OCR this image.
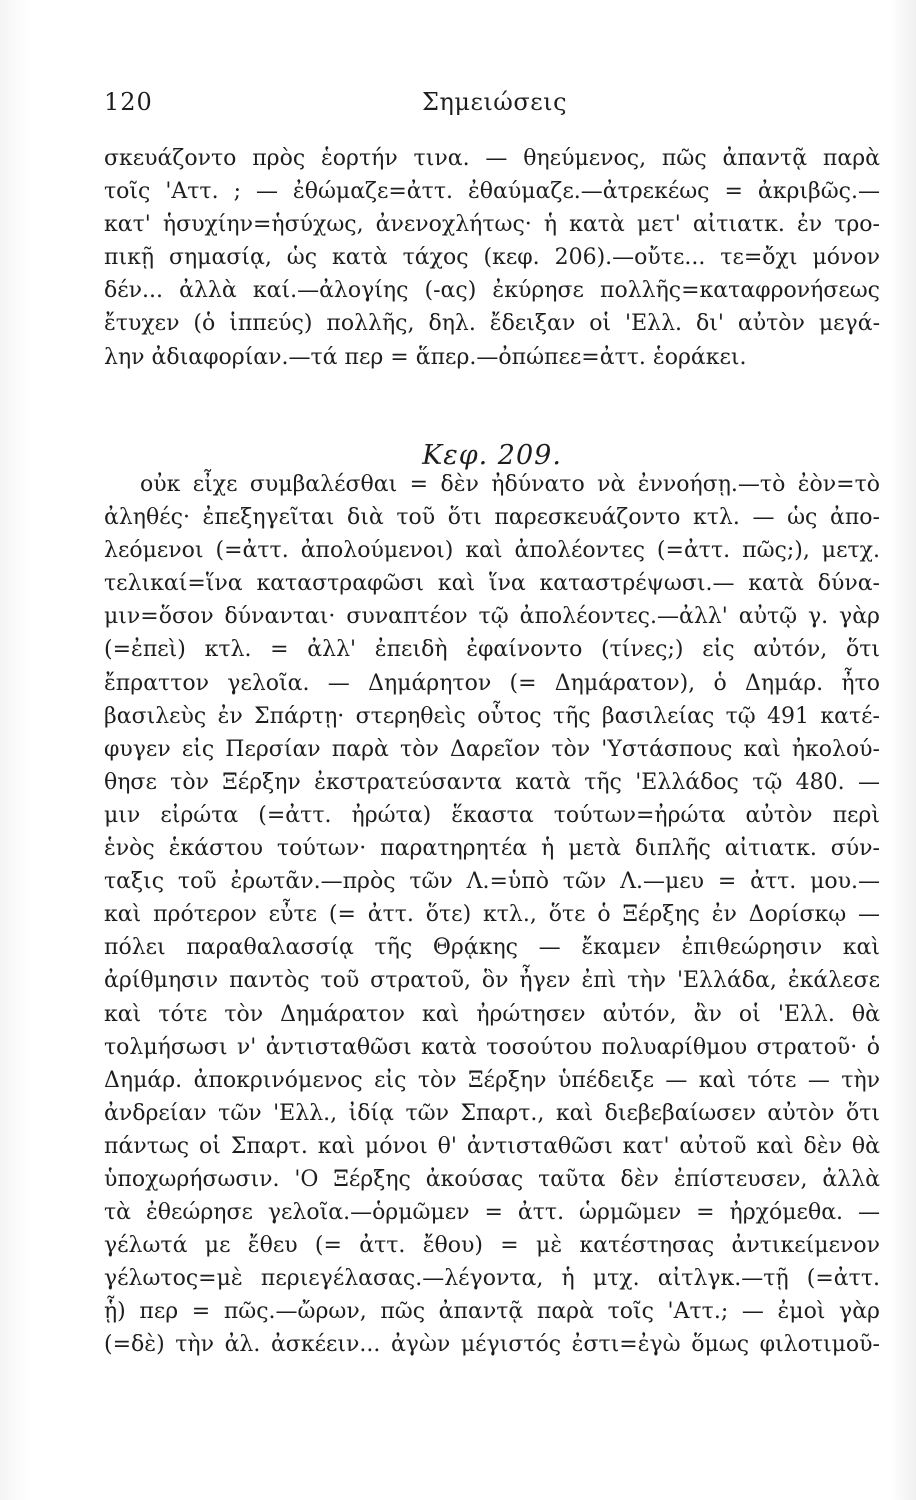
120	Σημειώσεις
σκευάζοντο πρὸς ἑορτήν τινα. — θηεύμενος, πῶς ἀπαντᾷ παρὰ
τοῖς 'Αττ. ; — ἐθώμαζε=ἀττ. ἐθαύμαζε.—ἀτρεκέως = ἀκριβῶς.—
κατ' ἡσυχίην=ἡσύχως, ἀνενοχλήτως· ἡ κατὰ μετ' αἰτιατκ. ἐν τρο-
πικῇ σημασίᾳ, ὡς κατὰ τάχος (κεφ. 206).—οὔτε... τε=ὄχι μόνον
δέν... ἀλλὰ καί.—ἀλογίης (-ας) ἐκύρησε πολλῆς=καταφρονήσεως
ἔτυχεν (ὁ ἱππεύς) πολλῆς, δηλ. ἔδειξαν οἱ 'Ελλ. δι' αὐτὸν μεγά-
λην ἀδιαφορίαν.—τά περ = ἅπερ.—ὀπώπεε=ἀττ. ἑοράκει.
Κεφ. 209.
οὐκ εἶχε συμβαλέσθαι = δὲν ἠδύνατο νὰ ἐννοήσῃ.—τὸ ἐὸν=τὸ
ἀληθές· ἐπεξηγεῖται διὰ τοῦ ὅτι παρεσκευάζοντο κτλ. — ὡς ἀπο-
λεόμενοι (=ἀττ. ἀπολούμενοι) καὶ ἀπολέοντες (=ἀττ. πῶς;), μετχ.
τελικαί=ἵνα καταστραφῶσι καὶ ἵνα καταστρέψωσι.— κατὰ δύνα-
μιν=ὅσον δύνανται· συναπτέον τῷ ἀπολέοντες.—ἀλλ' αὐτῷ γ. γὰρ
(=ἐπεὶ) κτλ. = ἀλλ' ἐπειδὴ ἐφαίνοντο (τίνες;) εἰς αὐτόν, ὅτι
ἔπραττον γελοῖα. — Δημάρητον (= Δημάρατον), ὁ Δημάρ. ἦτο
βασιλεὺς ἐν Σπάρτῃ· στερηθεὶς οὗτος τῆς βασιλείας τῷ 491 κατέ-
φυγεν εἰς Περσίαν παρὰ τὸν Δαρεῖον τὸν 'Υστάσπους καὶ ἠκολού-
θησε τὸν Ξέρξην ἐκστρατεύσαντα κατὰ τῆς 'Ελλάδος τῷ 480. —
μιν εἰρώτα (=ἀττ. ἠρώτα) ἕκαστα τούτων=ἠρώτα αὐτὸν περὶ
ἑνὸς ἑκάστου τούτων· παρατηρητέα ἡ μετὰ διπλῆς αἰτιατκ. σύν-
ταξις τοῦ ἐρωτᾶν.—πρὸς τῶν Λ.=ὑπὸ τῶν Λ.—μευ = ἀττ. μου.—
καὶ πρότερον εὖτε (= ἀττ. ὅτε) κτλ., ὅτε ὁ Ξέρξης ἐν Δορίσκῳ —
πόλει παραθαλασσίᾳ τῆς Θρᾴκης — ἔκαμεν ἐπιθεώρησιν καὶ
ἀρίθμησιν παντὸς τοῦ στρατοῦ, ὃν ἦγεν ἐπὶ τὴν 'Ελλάδα, ἐκάλεσε
καὶ τότε τὸν Δημάρατον καὶ ἠρώτησεν αὐτόν, ἂν οἱ 'Ελλ. θὰ
τολμήσωσι ν' ἀντισταθῶσι κατὰ τοσούτου πολυαρίθμου στρατοῦ· ὁ
Δημάρ. ἀποκρινόμενος εἰς τὸν Ξέρξην ὑπέδειξε — καὶ τότε — τὴν
ἀνδρείαν τῶν 'Ελλ., ἰδίᾳ τῶν Σπαρτ., καὶ διεβεβαίωσεν αὐτὸν ὅτι
πάντως οἱ Σπαρτ. καὶ μόνοι θ' ἀντισταθῶσι κατ' αὐτοῦ καὶ δὲν θὰ
ὑποχωρήσωσιν. 'Ο Ξέρξης ἀκούσας ταῦτα δὲν ἐπίστευσεν, ἀλλὰ
τὰ ἐθεώρησε γελοῖα.—ὁρμῶμεν = ἀττ. ὡρμῶμεν = ἠρχόμεθα. —
γέλωτά με ἔθευ (= ἀττ. ἔθου) = μὲ κατέστησας ἀντικείμενον
γέλωτος=μὲ περιεγέλασας.—λέγοντα, ἡ μτχ. αἰτλγκ.—τῇ (=ἀττ.
ᾗ) περ = πῶς.—ὤρων, πῶς ἀπαντᾷ παρὰ τοῖς 'Αττ.; — ἐμοὶ γὰρ
(=δὲ) τὴν ἀλ. ἀσκέειν... ἀγὼν μέγιστός ἐστι=ἐγὼ ὅμως φιλοτιμοῦ-
